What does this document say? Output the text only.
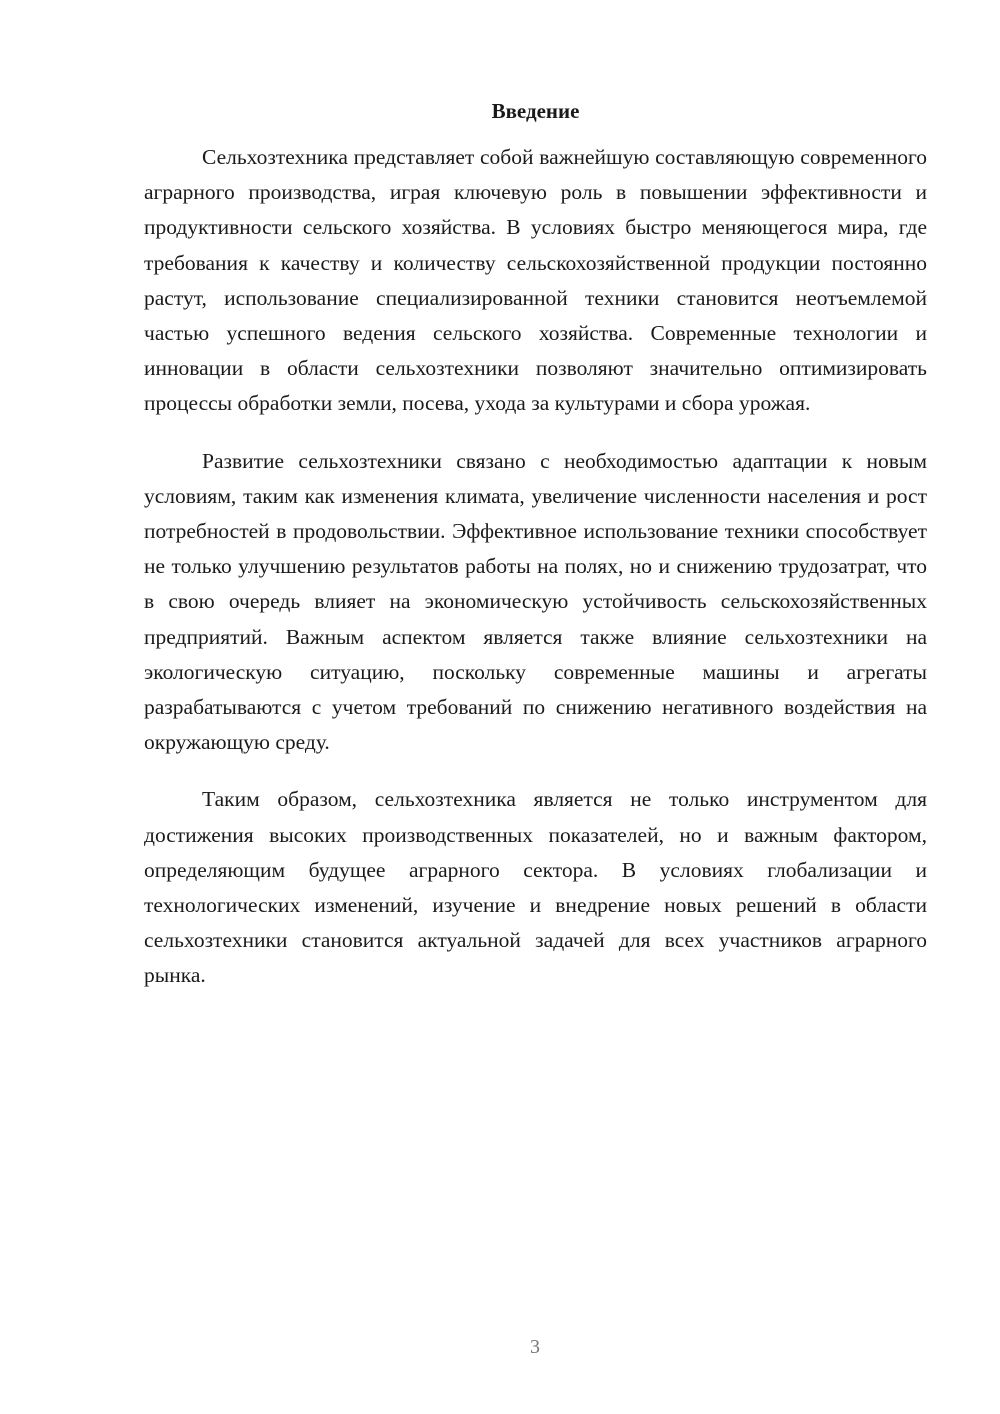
Введение

Сельхозтехника представляет собой важнейшую составляющую современного аграрного производства, играя ключевую роль в повышении эффективности и продуктивности сельского хозяйства. В условиях быстро меняющегося мира, где требования к качеству и количеству сельскохозяйственной продукции постоянно растут, использование специализированной техники становится неотъемлемой частью успешного ведения сельского хозяйства. Современные технологии и инновации в области сельхозтехники позволяют значительно оптимизировать процессы обработки земли, посева, ухода за культурами и сбора урожая.

Развитие сельхозтехники связано с необходимостью адаптации к новым условиям, таким как изменения климата, увеличение численности населения и рост потребностей в продовольствии. Эффективное использование техники способствует не только улучшению результатов работы на полях, но и снижению трудозатрат, что в свою очередь влияет на экономическую устойчивость сельскохозяйственных предприятий. Важным аспектом является также влияние сельхозтехники на экологическую ситуацию, поскольку современные машины и агрегаты разрабатываются с учетом требований по снижению негативного воздействия на окружающую среду.

Таким образом, сельхозтехника является не только инструментом для достижения высоких производственных показателей, но и важным фактором, определяющим будущее аграрного сектора. В условиях глобализации и технологических изменений, изучение и внедрение новых решений в области сельхозтехники становится актуальной задачей для всех участников аграрного рынка.

3
